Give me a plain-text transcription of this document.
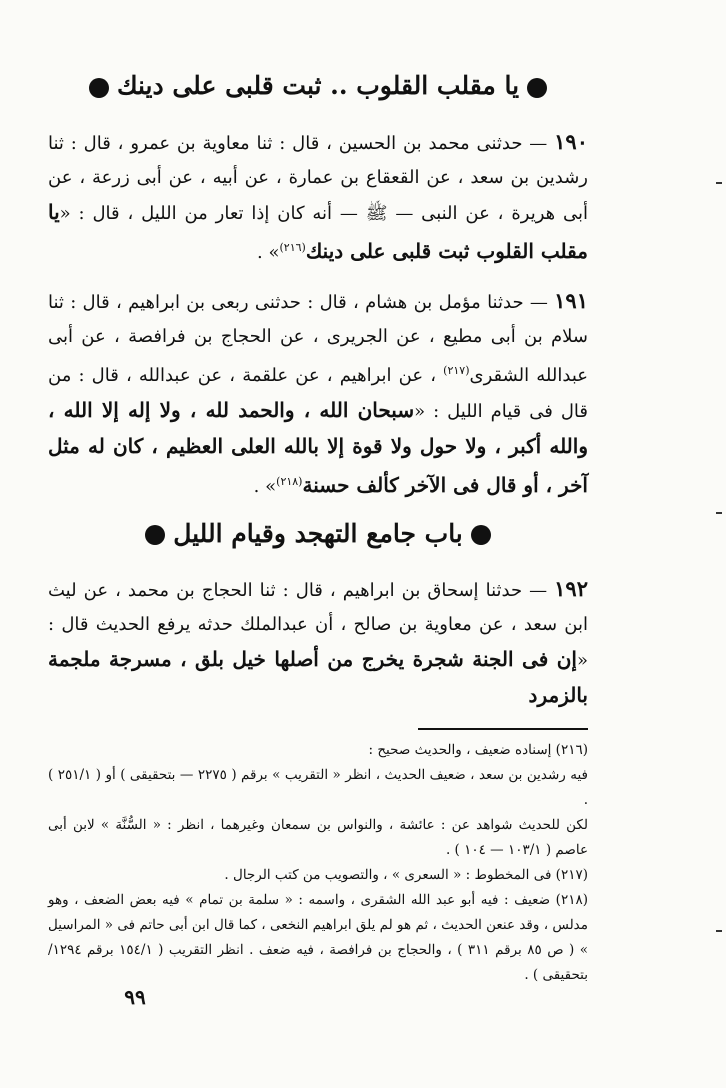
يا مقلب القلوب .. ثبت قلبى على دينك

١٩٠ — حدثنى محمد بن الحسين ، قال : ثنا معاوية بن عمرو ، قال : ثنا رشدين بن سعد ، عن القعقاع بن عمارة ، عن أبيه ، عن أبى زرعة ، عن أبى هريرة ، عن النبى — ﷺ — أنه كان إذا تعار من الليل ، قال : «يا مقلب القلوب ثبت قلبى على دينك$^{(٢١٦)}$» .

١٩١ — حدثنا مؤمل بن هشام ، قال : حدثنى ربعى بن ابراهيم ، قال : ثنا سلام بن أبى مطيع ، عن الجريرى ، عن الحجاج بن فرافصة ، عن أبى عبدالله الشقرى$^{(٢١٧)}$ ، عن ابراهيم ، عن علقمة ، عن عبدالله ، قال : من قال فى قيام الليل : «سبحان الله ، والحمد لله ، ولا إله إلا الله ، والله أكبر ، ولا حول ولا قوة إلا بالله العلى العظيم ، كان له مثل آخر ، أو قال فى الآخر كألف حسنة$^{(٢١٨)}$» .

باب جامع التهجد وقيام الليل

١٩٢ — حدثنا إسحاق بن ابراهيم ، قال : ثنا الحجاج بن محمد ، عن ليث ابن سعد ، عن معاوية بن صالح ، أن عبدالملك حدثه يرفع الحديث قال : «إن فى الجنة شجرة يخرج من أصلها خيل بلق ، مسرجة ملجمة بالزمرد

(٢١٦) إسناده ضعيف ، والحديث صحيح :

فيه رشدين بن سعد ، ضعيف الحديث ، انظر « التقريب » برقم ( ٢٢٧٥ — بتحقيقى ) أو ( ٢٥١/١ ) .

لكن للحديث شواهد عن : عائشة ، والنواس بن سمعان وغيرهما ، انظر : « السُّنَّة » لابن أبى عاصم ( ١٠٣/١ — ١٠٤ ) .

(٢١٧) فى المخطوط : « السعرى » ، والتصويب من كتب الرجال .

(٢١٨) ضعيف : فيه أبو عبد الله الشقرى ، واسمه : « سلمة بن تمام » فيه بعض الضعف ، وهو مدلس ، وقد عنعن الحديث ، ثم هو لم يلق ابراهيم النخعى ، كما قال ابن أبى حاتم فى « المراسيل » ( ص ٨٥ برقم ٣١١ ) ، والحجاج بن فرافصة ، فيه ضعف . انظر التقريب ( ١٥٤/١ برقم ١٢٩٤/بتحقيقى ) .

٩٩
